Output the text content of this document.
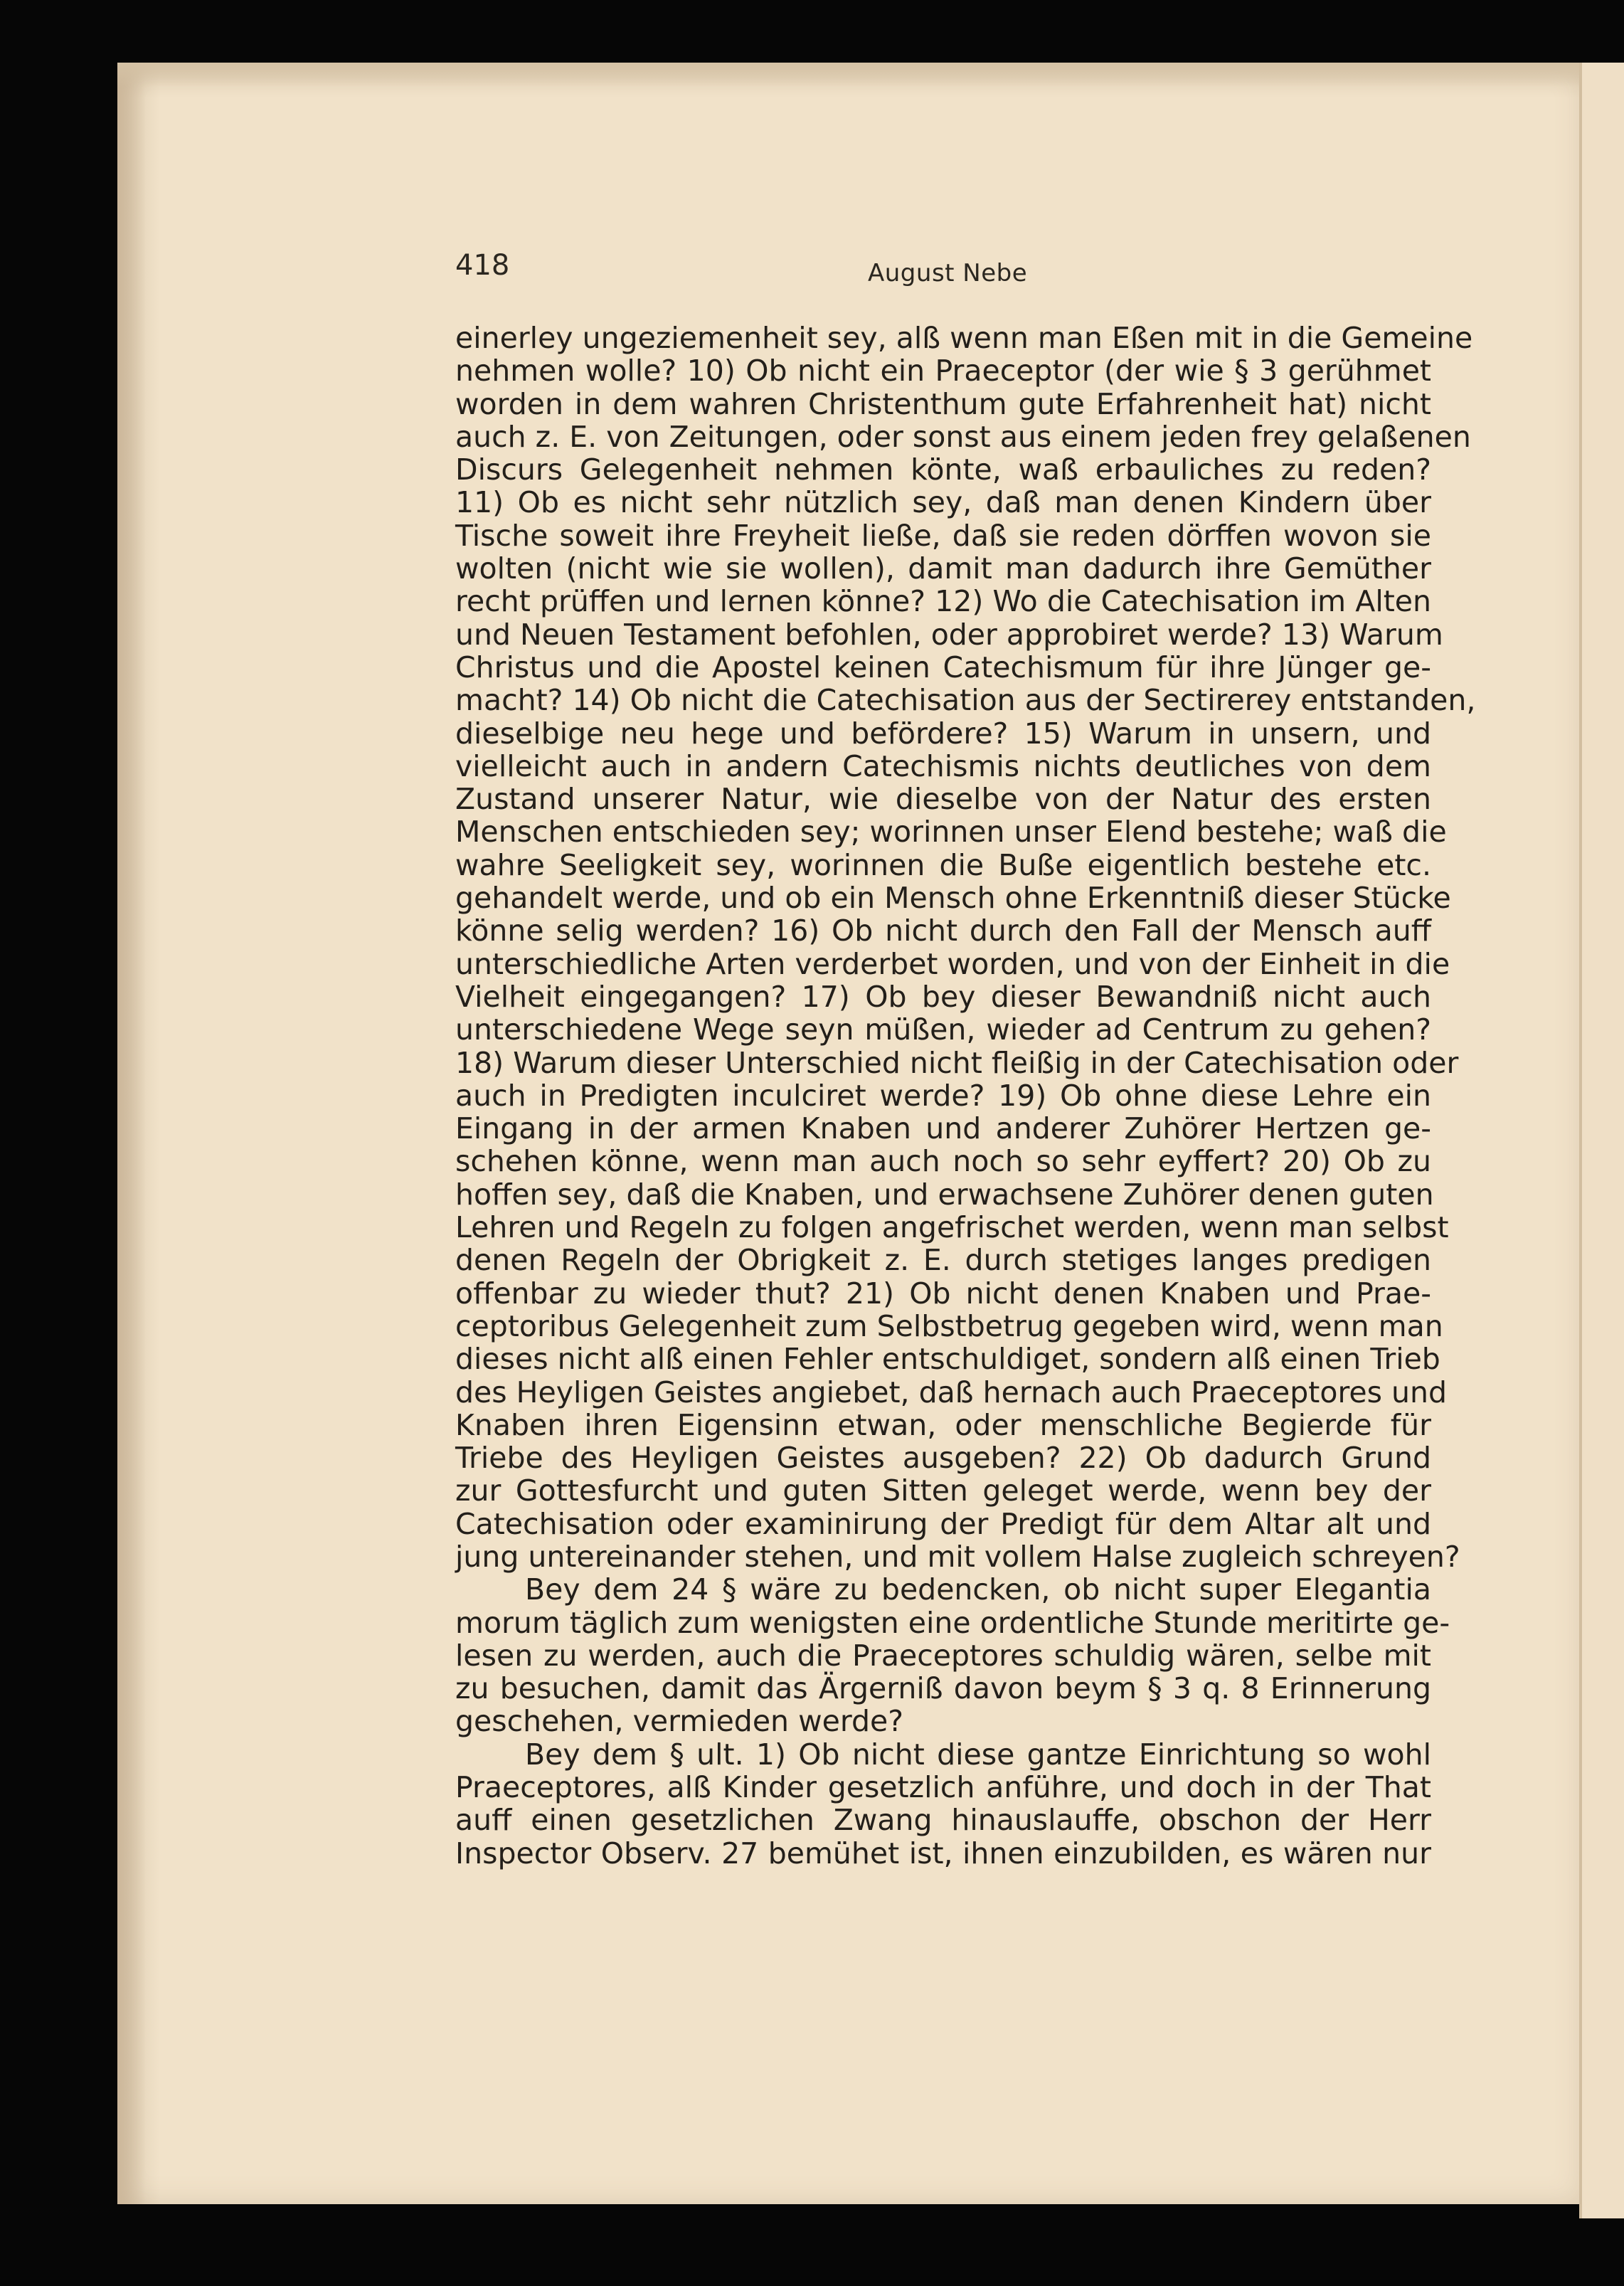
418	August Nebe
einerley ungeziemenheit sey, alß wenn man Eßen mit in die Gemeine
nehmen wolle? 10) Ob nicht ein Praeceptor (der wie § 3 gerühmet
worden in dem wahren Christenthum gute Erfahrenheit hat) nicht
auch z. E. von Zeitungen, oder sonst aus einem jeden frey gelaßenen
Discurs Gelegenheit nehmen könte, waß erbauliches zu reden?
11) Ob es nicht sehr nützlich sey, daß man denen Kindern über
Tische soweit ihre Freyheit ließe, daß sie reden dörffen wovon sie
wolten (nicht wie sie wollen), damit man dadurch ihre Gemüther
recht prüffen und lernen könne? 12) Wo die Catechisation im Alten
und Neuen Testament befohlen, oder approbiret werde? 13) Warum
Christus und die Apostel keinen Catechismum für ihre Jünger ge-
macht? 14) Ob nicht die Catechisation aus der Sectirerey entstanden,
dieselbige neu hege und befördere? 15) Warum in unsern, und
vielleicht auch in andern Catechismis nichts deutliches von dem
Zustand unserer Natur, wie dieselbe von der Natur des ersten
Menschen entschieden sey; worinnen unser Elend bestehe; waß die
wahre Seeligkeit sey, worinnen die Buße eigentlich bestehe etc.
gehandelt werde, und ob ein Mensch ohne Erkenntniß dieser Stücke
könne selig werden? 16) Ob nicht durch den Fall der Mensch auff
unterschiedliche Arten verderbet worden, und von der Einheit in die
Vielheit eingegangen? 17) Ob bey dieser Bewandniß nicht auch
unterschiedene Wege seyn müßen, wieder ad Centrum zu gehen?
18) Warum dieser Unterschied nicht fleißig in der Catechisation oder
auch in Predigten inculciret werde? 19) Ob ohne diese Lehre ein
Eingang in der armen Knaben und anderer Zuhörer Hertzen ge-
schehen könne, wenn man auch noch so sehr eyffert? 20) Ob zu
hoffen sey, daß die Knaben, und erwachsene Zuhörer denen guten
Lehren und Regeln zu folgen angefrischet werden, wenn man selbst
denen Regeln der Obrigkeit z. E. durch stetiges langes predigen
offenbar zu wieder thut? 21) Ob nicht denen Knaben und Prae-
ceptoribus Gelegenheit zum Selbstbetrug gegeben wird, wenn man
dieses nicht alß einen Fehler entschuldiget, sondern alß einen Trieb
des Heyligen Geistes angiebet, daß hernach auch Praeceptores und
Knaben ihren Eigensinn etwan, oder menschliche Begierde für
Triebe des Heyligen Geistes ausgeben? 22) Ob dadurch Grund
zur Gottesfurcht und guten Sitten geleget werde, wenn bey der
Catechisation oder examinirung der Predigt für dem Altar alt und
jung untereinander stehen, und mit vollem Halse zugleich schreyen?
Bey dem 24 § wäre zu bedencken, ob nicht super Elegantia
morum täglich zum wenigsten eine ordentliche Stunde meritirte ge-
lesen zu werden, auch die Praeceptores schuldig wären, selbe mit
zu besuchen, damit das Ärgerniß davon beym § 3 q. 8 Erinnerung
geschehen, vermieden werde?
Bey dem § ult. 1) Ob nicht diese gantze Einrichtung so wohl
Praeceptores, alß Kinder gesetzlich anführe, und doch in der That
auff einen gesetzlichen Zwang hinauslauffe, obschon der Herr
Inspector Observ. 27 bemühet ist, ihnen einzubilden, es wären nur
